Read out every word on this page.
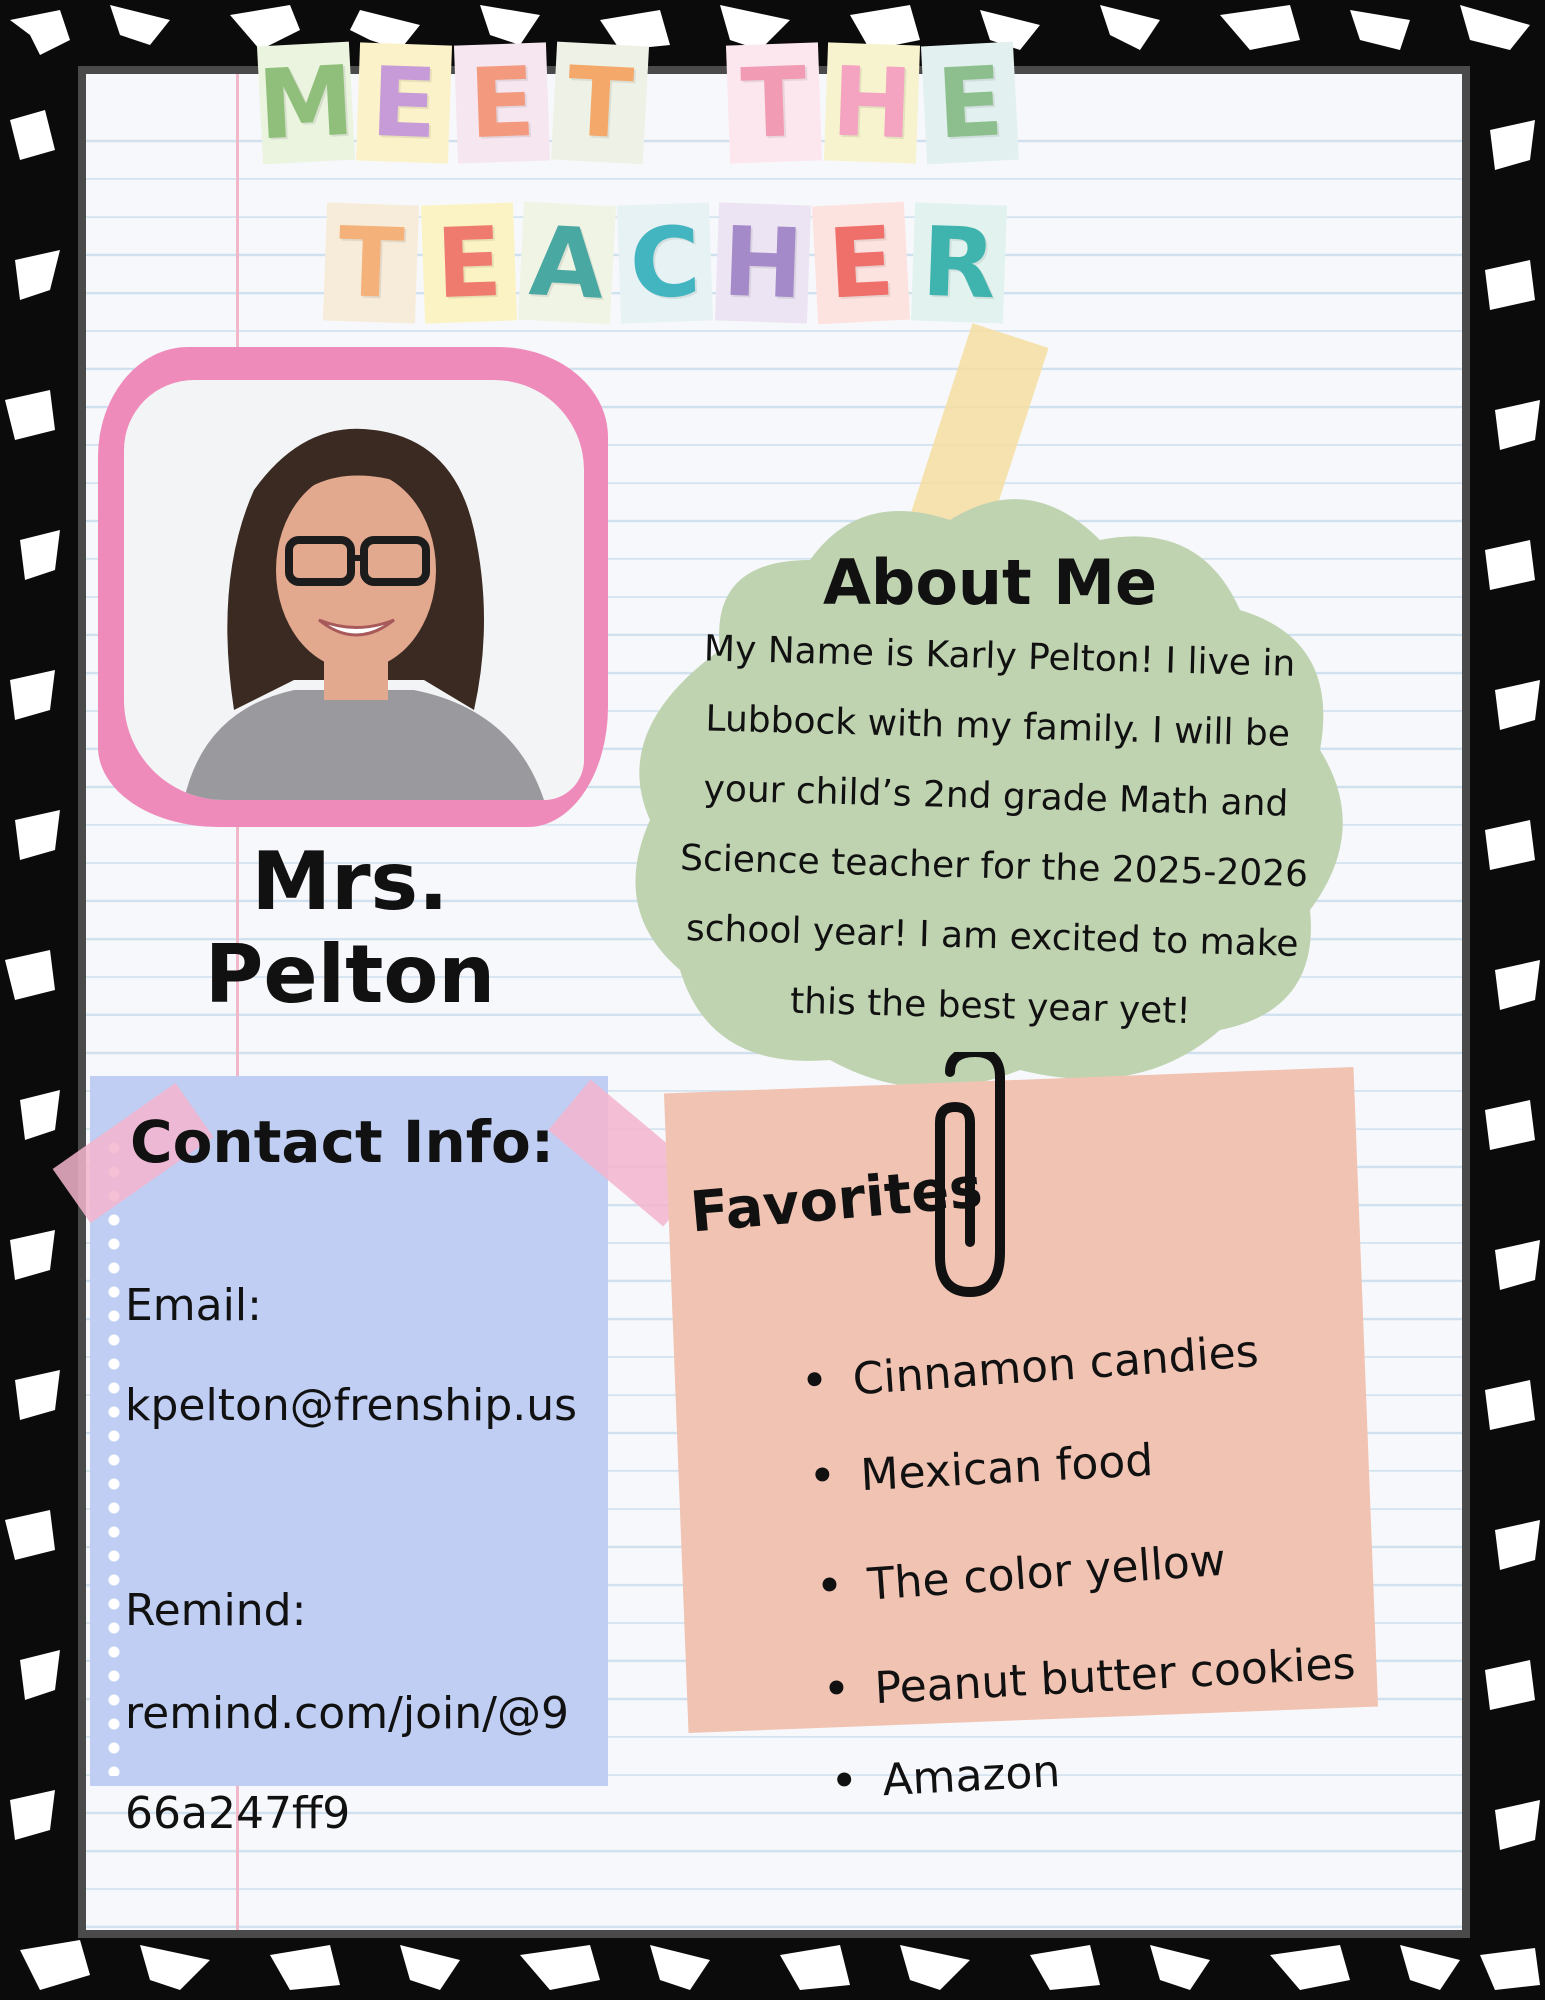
M E E T T H E
T E A C H E R
Mrs. Pelton
About Me
My Name is Karly Pelton! I live in
Lubbock with my family. I will be
your child’s 2nd grade Math and
Science teacher for the 2025-2026
school year! I am excited to make
this the best year yet!
Contact Info:
Email:
kpelton@frenship.us
Remind:
remind.com/join/@9
66a247ff9
Favorites
• Cinnamon candies
• Mexican food
• The color yellow
• Peanut butter cookies
• Amazon
